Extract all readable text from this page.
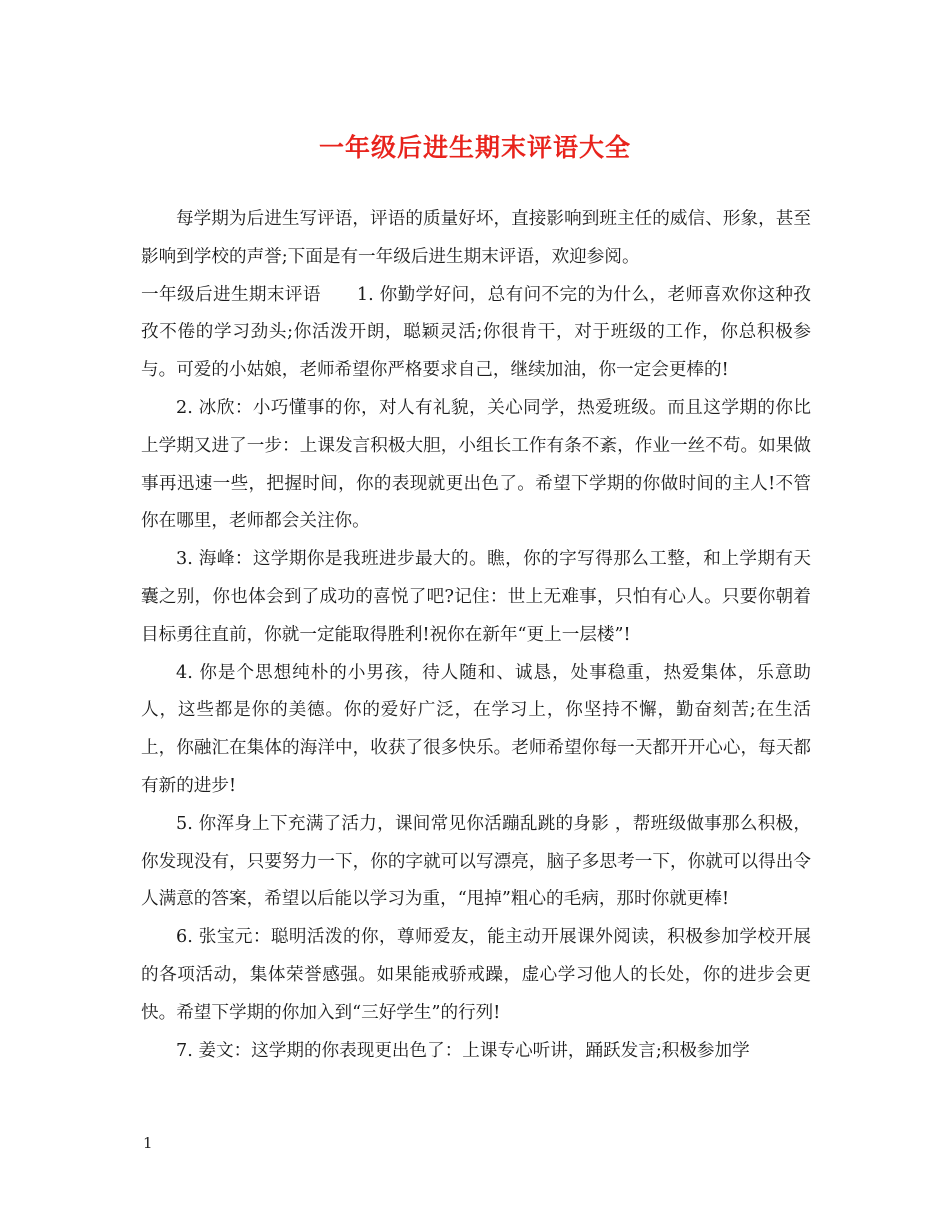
一年级后进生期末评语大全

每学期为后进生写评语，评语的质量好坏，直接影响到班主任的威信、形象，甚至影响到学校的声誉;下面是有一年级后进生期末评语，欢迎参阅。

一年级后进生期末评语 1. 你勤学好问，总有问不完的为什么，老师喜欢你这种孜孜不倦的学习劲头;你活泼开朗，聪颖灵活;你很肯干，对于班级的工作，你总积极参与。可爱的小姑娘，老师希望你严格要求自己，继续加油，你一定会更棒的!

2. 冰欣：小巧懂事的你，对人有礼貌，关心同学，热爱班级。而且这学期的你比上学期又进了一步：上课发言积极大胆，小组长工作有条不紊，作业一丝不苟。如果做事再迅速一些，把握时间，你的表现就更出色了。希望下学期的你做时间的主人!不管你在哪里，老师都会关注你。

3. 海峰：这学期你是我班进步最大的。瞧，你的字写得那么工整，和上学期有天囊之别，你也体会到了成功的喜悦了吧?记住：世上无难事，只怕有心人。只要你朝着目标勇往直前，你就一定能取得胜利!祝你在新年“更上一层楼”!

4. 你是个思想纯朴的小男孩，待人随和、诚恳，处事稳重，热爱集体，乐意助人，这些都是你的美德。你的爱好广泛，在学习上，你坚持不懈，勤奋刻苦;在生活上，你融汇在集体的海洋中，收获了很多快乐。老师希望你每一天都开开心心，每天都有新的进步!

5. 你浑身上下充满了活力，课间常见你活蹦乱跳的身影 ，帮班级做事那么积极，你发现没有，只要努力一下，你的字就可以写漂亮，脑子多思考一下，你就可以得出令人满意的答案，希望以后能以学习为重，“甩掉”粗心的毛病，那时你就更棒!

6. 张宝元：聪明活泼的你，尊师爱友，能主动开展课外阅读，积极参加学校开展的各项活动，集体荣誉感强。如果能戒骄戒躁，虚心学习他人的长处，你的进步会更快。希望下学期的你加入到“三好学生”的行列!

7. 姜文：这学期的你表现更出色了：上课专心听讲，踊跃发言;积极参加学

1
